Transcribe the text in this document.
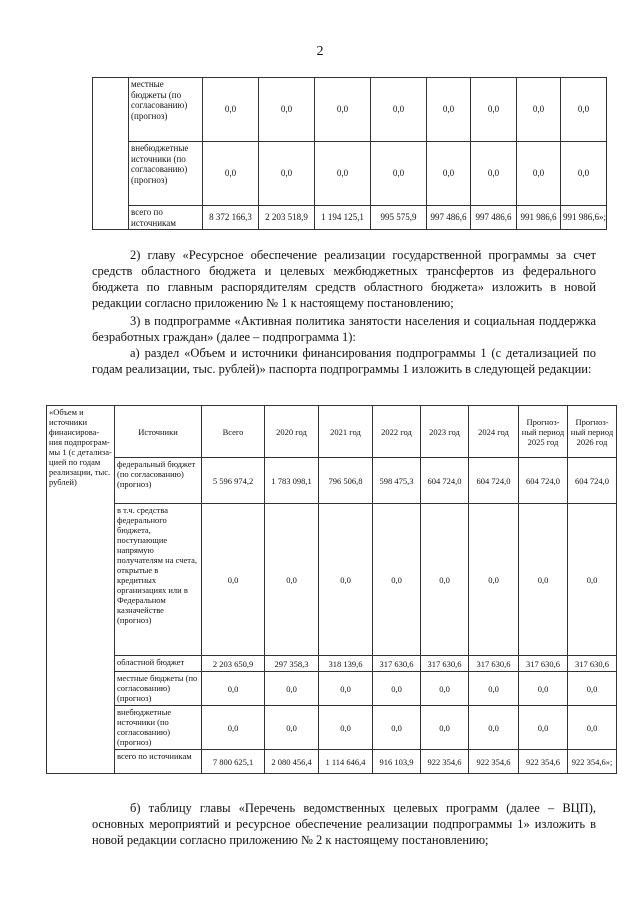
2
	местные бюджеты (по согласованию) (прогноз)	0,0	0,0	0,0	0,0	0,0	0,0	0,0	0,0
	внебюджетные источники (по согласованию) (прогноз)	0,0	0,0	0,0	0,0	0,0	0,0	0,0	0,0
	всего по источникам	8 372 166,3	2 203 518,9	1 194 125,1	995 575,9	997 486,6	997 486,6	991 986,6	991 986,6»;

2) главу «Ресурсное обеспечение реализации государственной программы за счет средств областного бюджета и целевых межбюджетных трансфертов из федерального бюджета по главным распорядителям средств областного бюджета» изложить в новой редакции согласно приложению № 1 к настоящему постановлению;

3) в подпрограмме «Активная политика занятости населения и социальная поддержка безработных граждан» (далее – подпрограмма 1):

а) раздел «Объем и источники финансирования подпрограммы 1 (с детализацией по годам реализации, тыс. рублей)» паспорта подпрограммы 1 изложить в следующей редакции:

«Объем и источники финансирова-ния подпрограм-мы 1 (с детализа-цией по годам реализации, тыс. рублей)	Источники	Всего	2020 год	2021 год	2022 год	2023 год	2024 год	Прогноз-ный период 2025 год	Прогноз-ный период 2026 год
	федеральный бюджет (по согласованию) (прогноз)	5 596 974,2	1 783 098,1	796 506,8	598 475,3	604 724,0	604 724,0	604 724,0	604 724,0
	в т.ч. средства федерального бюджета, поступающие напрямую получателям на счета, открытые в кредитных организациях или в Федеральном казначействе (прогноз)	0,0	0,0	0,0	0,0	0,0	0,0	0,0	0,0
	областной бюджет	2 203 650,9	297 358,3	318 139,6	317 630,6	317 630,6	317 630,6	317 630,6	317 630,6
	местные бюджеты (по согласованию) (прогноз)	0,0	0,0	0,0	0,0	0,0	0,0	0,0	0,0
	внебюджетные источники (по согласованию) (прогноз)	0,0	0,0	0,0	0,0	0,0	0,0	0,0	0,0
	всего по источникам	7 800 625,1	2 080 456,4	1 114 646,4	916 103,9	922 354,6	922 354,6	922 354,6	922 354,6»;

б) таблицу главы «Перечень ведомственных целевых программ (далее – ВЦП), основных мероприятий и ресурсное обеспечение реализации подпрограммы 1» изложить в новой редакции согласно приложению № 2 к настоящему постановлению;
